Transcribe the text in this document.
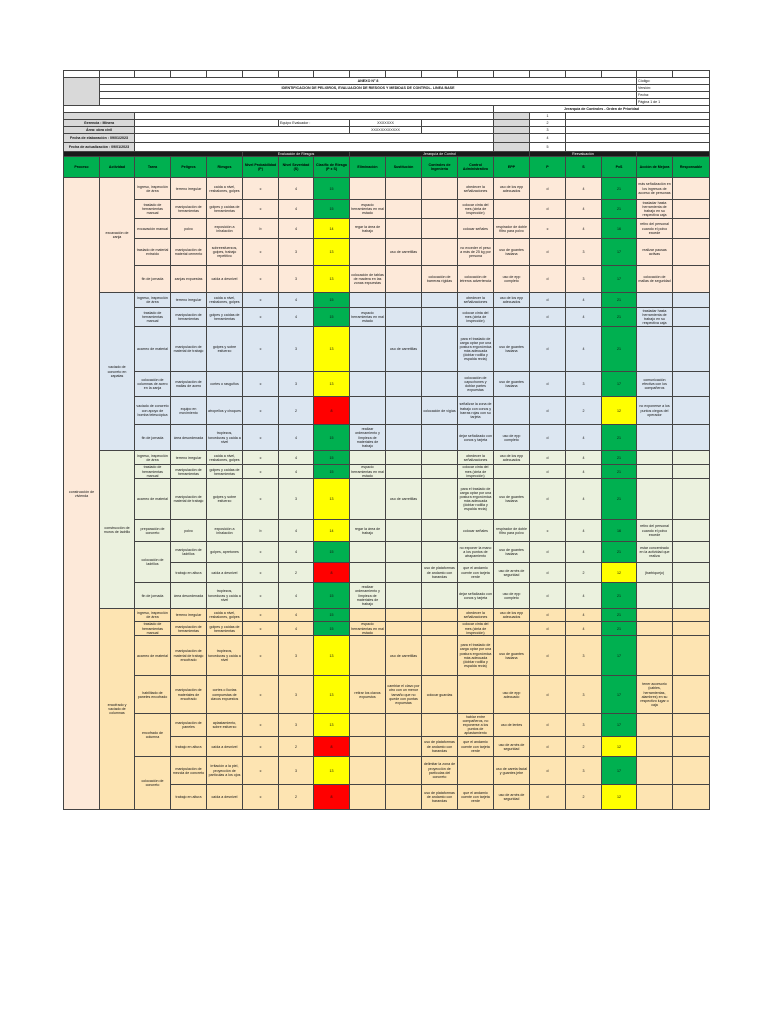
	ANEXO N° 8															Código:	
	IDENTIFICACION DE PELIGROS, EVALUACION DE RIESGOS Y MEDIDAS DE CONTROL- LINEA BASE															Versión:	
																Fecha:	
																Página 1 de 1	
												Jerarquía de Controles - Orden de Prioridad					
													1				
Gerencia : Minera						Equipo Evaluador :		XXXXXXX					2				
Área: obra civil								XXXXXXXXXXXX					3				
Fecha de elaboración : 09/01/2023													4				
Fecha de actualización : 09/01/2023													5				
					Evaluación de Riesgos			Jerarquía de Control					Reevaluación				
Proceso	Actividad	Tarea	Peligros	Riesgos	Nivel Probabilidad (P)	Nivel Severidad (S)	Clasific de Riesgo (P x S)	Eliminación	Sustitución	Controles de Ingeniería	Control Administrativo	EPP	P	S	PxS	Acción de Mejora	Responsable
construcción de vivienda	excavación de zanja	ingreso, inspección de área	terreno irregular	caída a nivel, resbalones, golpes	c	4	15				obedecer la señalizaciones	uso de los epp adecuados	d	4	21	más señalización en los ingresos de acceso de personas	
		traslado de herramientas manual	manipulación de herramientas	golpes y caídas de herramientas	c	4	15	espacio herramientas en mal estado			colocar cinta del mes (cinta de inspección)		d	4	21	trasladar hasta herramienta de trabajo en su respectiva caja	
		excavación manual	polvo	exposición a inhalación	b	4	14	regar la área de trabajo			colocar señales	respirador de doble filtro para polvo	c	4	16	retiro del personal cuando el polvo excede	
		traslado de material extraído	manipulación de material cemento	sobreesfuerzos, golpes, trabajo repetitivo	c	3	13		uso de carretillas		no exceder el peso a más de 25 kg por persona	uso de guantes badana	d	3	17	realizar pausas activas	
		fin de jornada	zanjas expuestas	caída a desnivel	c	3	13	colocación de tablas de madera en las zonas expuestas		colocación de barreras rígidas	colocación de letreros advertencia	uso de epp completo	d	3	17	colocación de mallas de seguridad	
	vaciado de concreto en zapatas	ingreso, inspección de área	terreno irregular	caída a nivel, resbalones, golpes	c	4	15				obedecer la señalizaciones	uso de los epp adecuados	d	4	21		
		traslado de herramientas manual	manipulación de herramientas	golpes y caídas de herramientas	c	4	15	espacio herramientas en mal estado			colocar cinta del mes (cinta de inspección)		d	4	21	trasladar hasta herramienta de trabajo en su respectiva caja	
		acarreo de material	manipulación de material de trabajo	golpes y sobre esfuerzo	c	3	13		uso de carretillas		para el traslado de carga optar por una postura ergonómica más adecuada (doblar rodilla y espalda recta)	uso de guantes badana	d	4	21		
		colocación de columnas de acero en la zanja	manipulación de mallas de acero	cortes o rasguños	c	3	13				colocación de capuchones y doblar partes expuestas	uso de guantes badana	d	3	17	comunicación efectiva con los compañeros	
		vaciado de concreto con apoyo de bomba telescópica	equipo en movimiento	atropellos y choques	c	2	8			colocación de vigías	señalizar la zona de trabajo con conos y barras rojas con su tarjeta		d	2	12	no exponerse a los puntos ciegos del operador	
		fin de jornada	área desordenada	tropiezos, torceduras y caída a nivel	c	4	15	realizar ordenamiento y limpieza de materiales de trabajo			dejar señalizado con conos y tarjeta	uso de epp completo	d	4	21		
	construcción de muros de ladrillo	ingreso, inspección de área	terreno irregular	caída a nivel, resbalones, golpes	c	4	15				obedecer la señalizaciones	uso de los epp adecuados	d	4	21		
		traslado de herramientas manual	manipulación de herramientas	golpes y caídas de herramientas	c	4	15	espacio herramientas en mal estado			colocar cinta del mes (cinta de inspección)		d	4	21		
		acarreo de material	manipulación de material de trabajo	golpes y sobre esfuerzo	c	3	13		uso de carretillas		para el traslado de carga optar por una postura ergonómica más adecuada (doblar rodilla y espalda recta)	uso de guantes badana	d	4	21		
		preparación de concreto	polvo	exposición a inhalación	b	4	14	regar la área de trabajo			colocar señales	respirador de doble filtro para polvo	c	4	16	retiro del personal cuando el polvo excede	
		colocación de ladrillos	manipulación de ladrillos	golpes, apretones	c	4	15				no exponer la mano a los puntos de atrapamiento	uso de guantes badana	d	4	21	estar concentrado en la actividad que realiza	
			trabajo en altura	caída a desnivel	c	2	8			uso de plataformas de andamio con barandas	que el andamio cuente con tarjeta verde	uso de arnés de seguridad	d	2	12	(barbiquejo)	
		fin de jornada	área desordenada	tropiezos, torceduras y caída a nivel	c	4	15	realizar ordenamiento y limpieza de materiales de trabajo			dejar señalizado con conos y tarjeta	uso de epp completo	d	4	21		
	encofrado y vaciado de columnas	ingreso, inspección de área	terreno irregular	caída a nivel, resbalones, golpes	c	4	15				obedecer la señalizaciones	uso de los epp adecuados	d	4	21		
		traslado de herramientas manual	manipulación de herramientas	golpes y caídas de herramientas	c	4	15	espacio herramientas en mal estado			colocar cinta del mes (cinta de inspección)		d	4	21		
		acarreo de material	manipulación de material de trabajo encofrado	tropiezos, torceduras y caída a nivel	c	3	13		uso de carretillas		para el traslado de carga optar por una postura ergonómica más adecuada (doblar rodilla y espalda recta)	uso de guantes badana	d	3	17		
		habilitado de paneles encofrado	manipulación de materiales de encofrado	cortes o lluvias compuestas de clavos expuestos	c	3	13	retirar los clavos expuestos	cambiar el clavo por otro con un menor tamaño que no quede con puntas expuestas	colocar guardas		uso de epp adecuado	d	3	17	tener accesorio (cables, herramientas, alambres) en su respectivo lugar o caja	
		encofrado de columna	manipulación de paneles	aplastamiento, sobre esfuerzo	c	3	13				hablar entre compañeros, no exponerse a los puntos de aplastamiento	uso de lentes	d	3	17		
			trabajo en altura	caída a desnivel	c	2	8			uso de plataformas de andamio con barandas	que el andamio cuente con tarjeta verde	uso de arnés de seguridad	d	2	12		
		colocación de concreto	manipulación de mezcla de concreto	irritación a la piel, proyección de partículas a los ojos	c	3	13			delimitar la zona de proyección de partículas del concreto		uso de careta facial y guantes jebe	d	3	17		
			trabajo en altura	caída a desnivel	c	2	8			uso de plataformas de andamio con barandas	que el andamio cuente con tarjeta verde	uso de arnés de seguridad	d	2	12		
